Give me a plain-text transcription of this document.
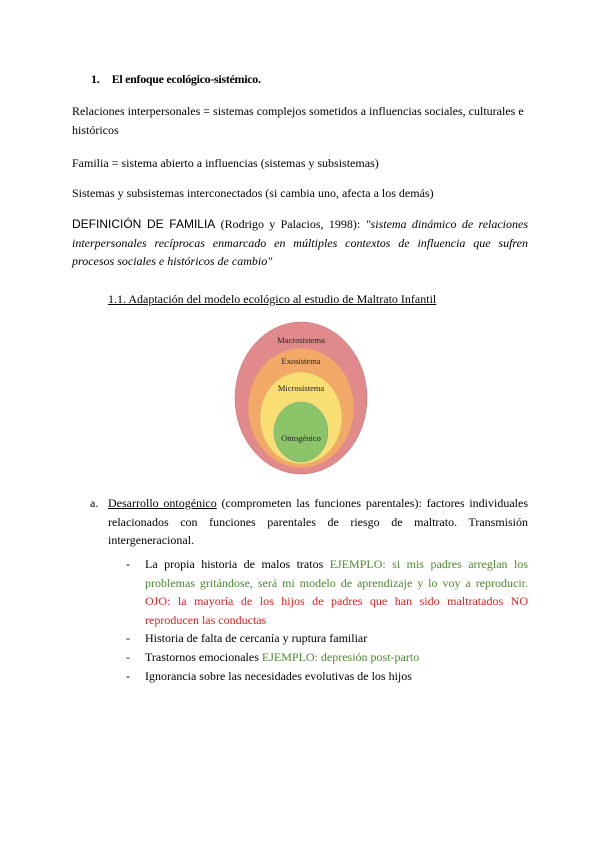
1. El enfoque ecológico-sistémico.
Relaciones interpersonales = sistemas complejos sometidos a influencias sociales, culturales e históricos
Familia = sistema abierto a influencias (sistemas y subsistemas)
Sistemas y subsistemas interconectados (si cambia uno, afecta a los demás)
DEFINICIÓN DE FAMILIA (Rodrigo y Palacios, 1998): "sistema dinámico de relaciones interpersonales recíprocas enmarcado en múltiples contextos de influencia que sufren procesos sociales e históricos de cambio"
1.1. Adaptación del modelo ecológico al estudio de Maltrato Infantil
Macrosistema
Exosistema
Microsistema
Ontogénico
a. Desarrollo ontogénico (comprometen las funciones parentales): factores individuales relacionados con funciones parentales de riesgo de maltrato. Transmisión intergeneracional.
- La propia historia de malos tratos EJEMPLO: si mis padres arreglan los problemas gritándose, será mi modelo de aprendizaje y lo voy a reproducir. OJO: la mayoría de los hijos de padres que han sido maltratados NO reproducen las conductas
- Historia de falta de cercanía y ruptura familiar
- Trastornos emocionales EJEMPLO: depresión post-parto
- Ignorancia sobre las necesidades evolutivas de los hijos
